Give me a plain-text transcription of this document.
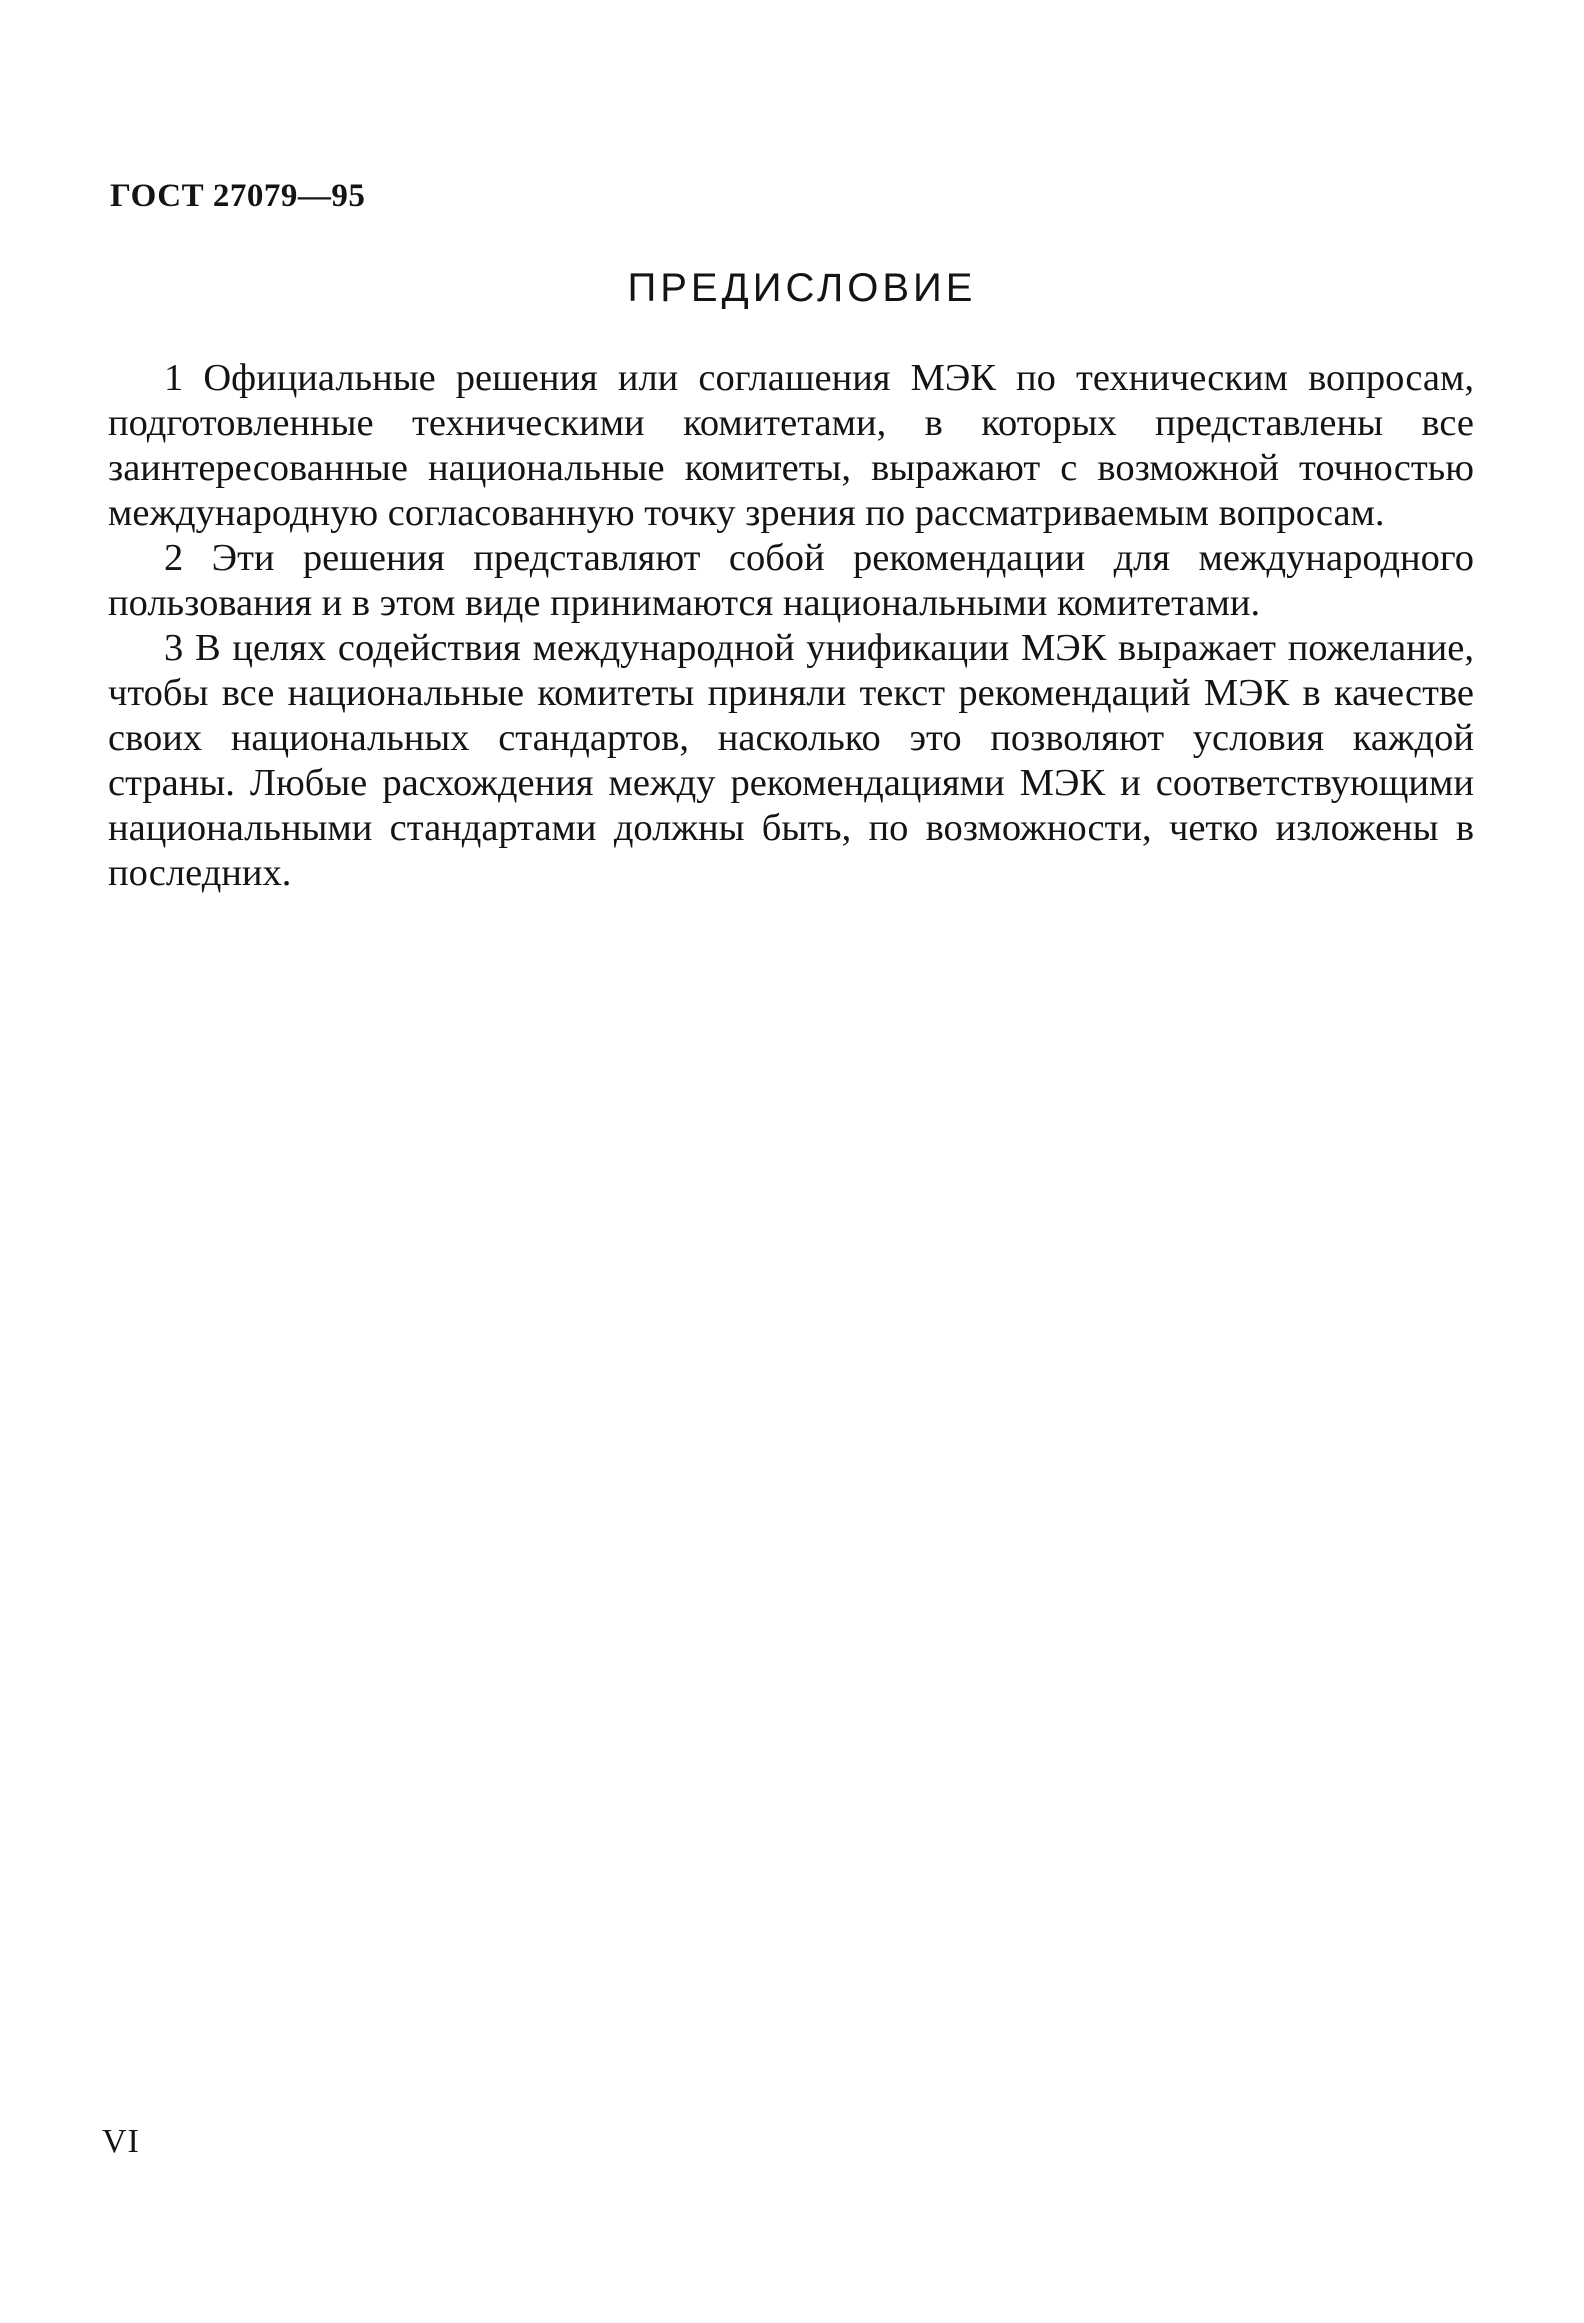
ГОСТ 27079—95
ПРЕДИСЛОВИЕ

1 Официальные решения или соглашения МЭК по техническим вопросам, подготовленные техническими комитетами, в которых представлены все заинтересованные национальные комитеты, выражают с возможной точностью международную согласованную точку зрения по рассматриваемым вопросам.

2 Эти решения представляют собой рекомендации для международного пользования и в этом виде принимаются национальными комитетами.

3 В целях содействия международной унификации МЭК выражает пожелание, чтобы все национальные комитеты приняли текст рекомендаций МЭК в качестве своих национальных стандартов, насколько это позволяют условия каждой страны. Любые расхождения между рекомендациями МЭК и соответствующими национальными стандартами должны быть, по возможности, четко изложены в последних.

VI
